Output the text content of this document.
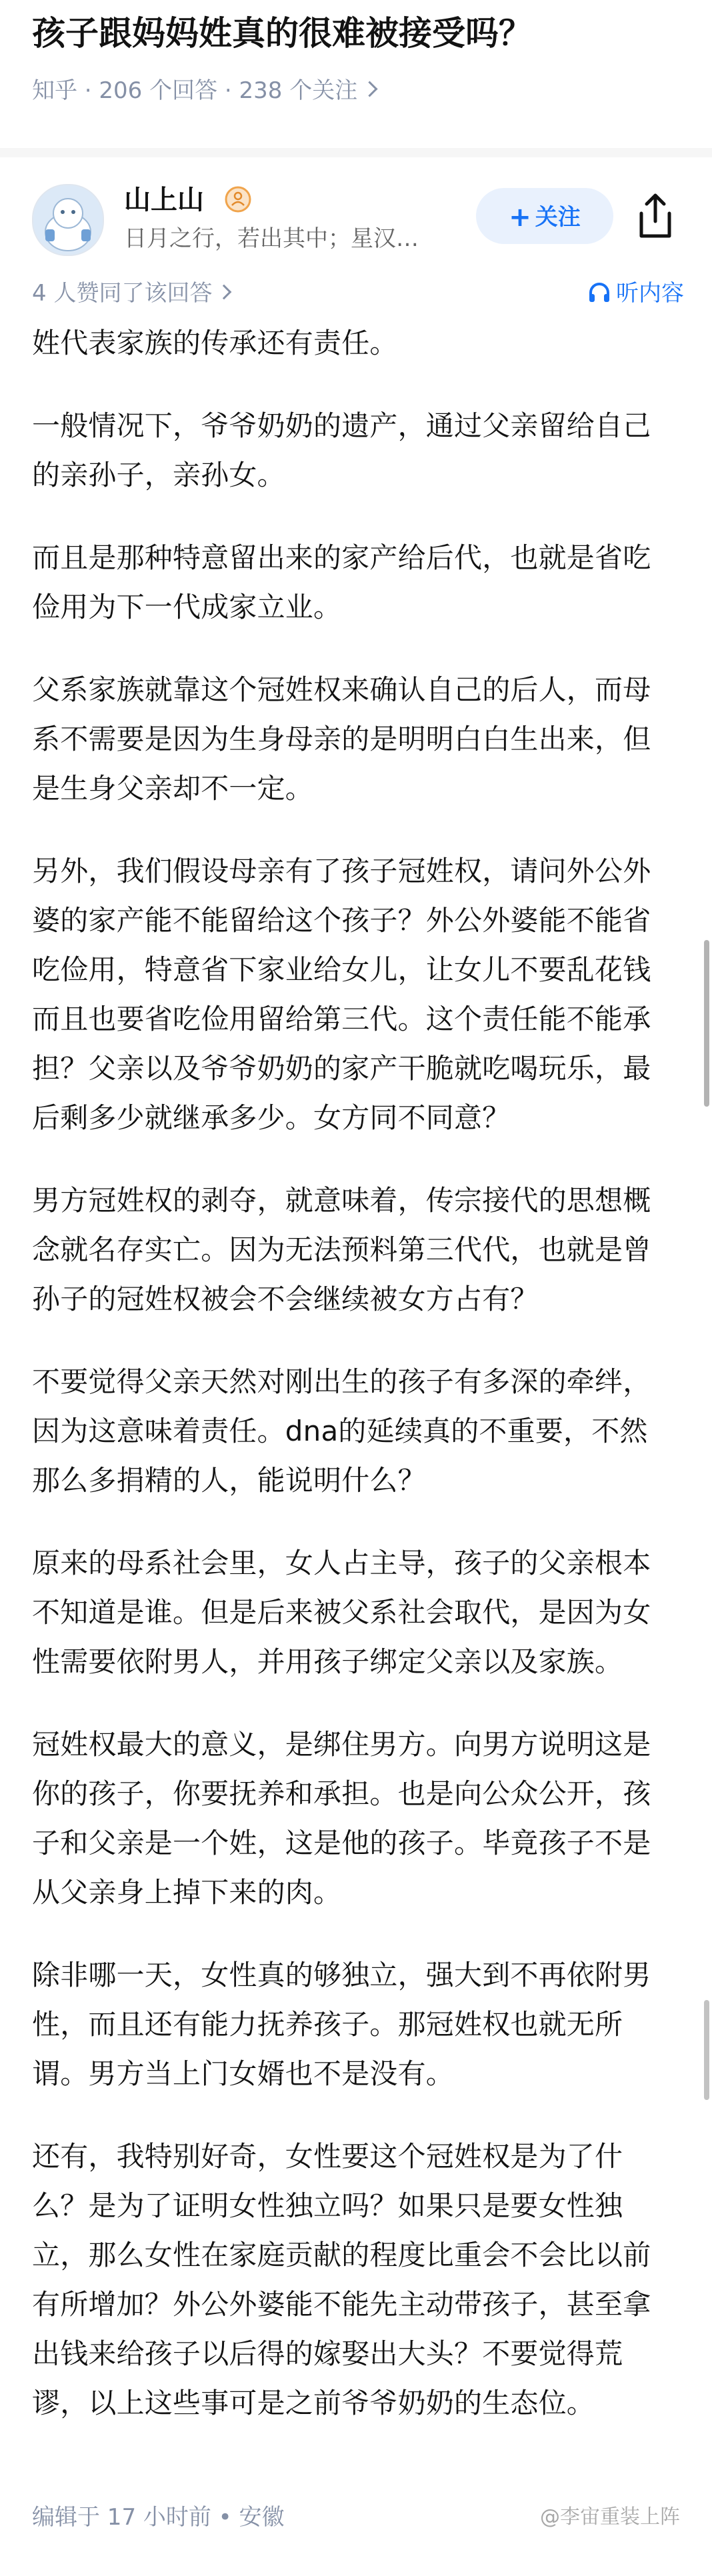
孩子跟妈妈姓真的很难被接受吗？
知乎 · 206 个回答 · 238 个关注
山上山
日月之行，若出其中；星汉…
+ 关注
4 人赞同了该回答	听内容

姓代表家族的传承还有责任。

一般情况下，爷爷奶奶的遗产，通过父亲留给自己的亲孙子，亲孙女。

而且是那种特意留出来的家产给后代，也就是省吃俭用为下一代成家立业。

父系家族就靠这个冠姓权来确认自己的后人，而母系不需要是因为生身母亲的是明明白白生出来，但是生身父亲却不一定。

另外，我们假设母亲有了孩子冠姓权，请问外公外婆的家产能不能留给这个孩子？外公外婆能不能省吃俭用，特意省下家业给女儿，让女儿不要乱花钱而且也要省吃俭用留给第三代。这个责任能不能承担？父亲以及爷爷奶奶的家产干脆就吃喝玩乐，最后剩多少就继承多少。女方同不同意？

男方冠姓权的剥夺，就意味着，传宗接代的思想概念就名存实亡。因为无法预料第三代代，也就是曾孙子的冠姓权被会不会继续被女方占有？

不要觉得父亲天然对刚出生的孩子有多深的牵绊，因为这意味着责任。dna的延续真的不重要，不然那么多捐精的人，能说明什么？

原来的母系社会里，女人占主导，孩子的父亲根本不知道是谁。但是后来被父系社会取代，是因为女性需要依附男人，并用孩子绑定父亲以及家族。

冠姓权最大的意义，是绑住男方。向男方说明这是你的孩子，你要抚养和承担。也是向公众公开，孩子和父亲是一个姓，这是他的孩子。毕竟孩子不是从父亲身上掉下来的肉。

除非哪一天，女性真的够独立，强大到不再依附男性，而且还有能力抚养孩子。那冠姓权也就无所谓。男方当上门女婿也不是没有。

还有，我特别好奇，女性要这个冠姓权是为了什么？是为了证明女性独立吗？如果只是要女性独立，那么女性在家庭贡献的程度比重会不会比以前有所增加？外公外婆能不能先主动带孩子，甚至拿出钱来给孩子以后得的嫁娶出大头？不要觉得荒谬，以上这些事可是之前爷爷奶奶的生态位。

编辑于 17 小时前 • 安徽	@李宙重装上阵
